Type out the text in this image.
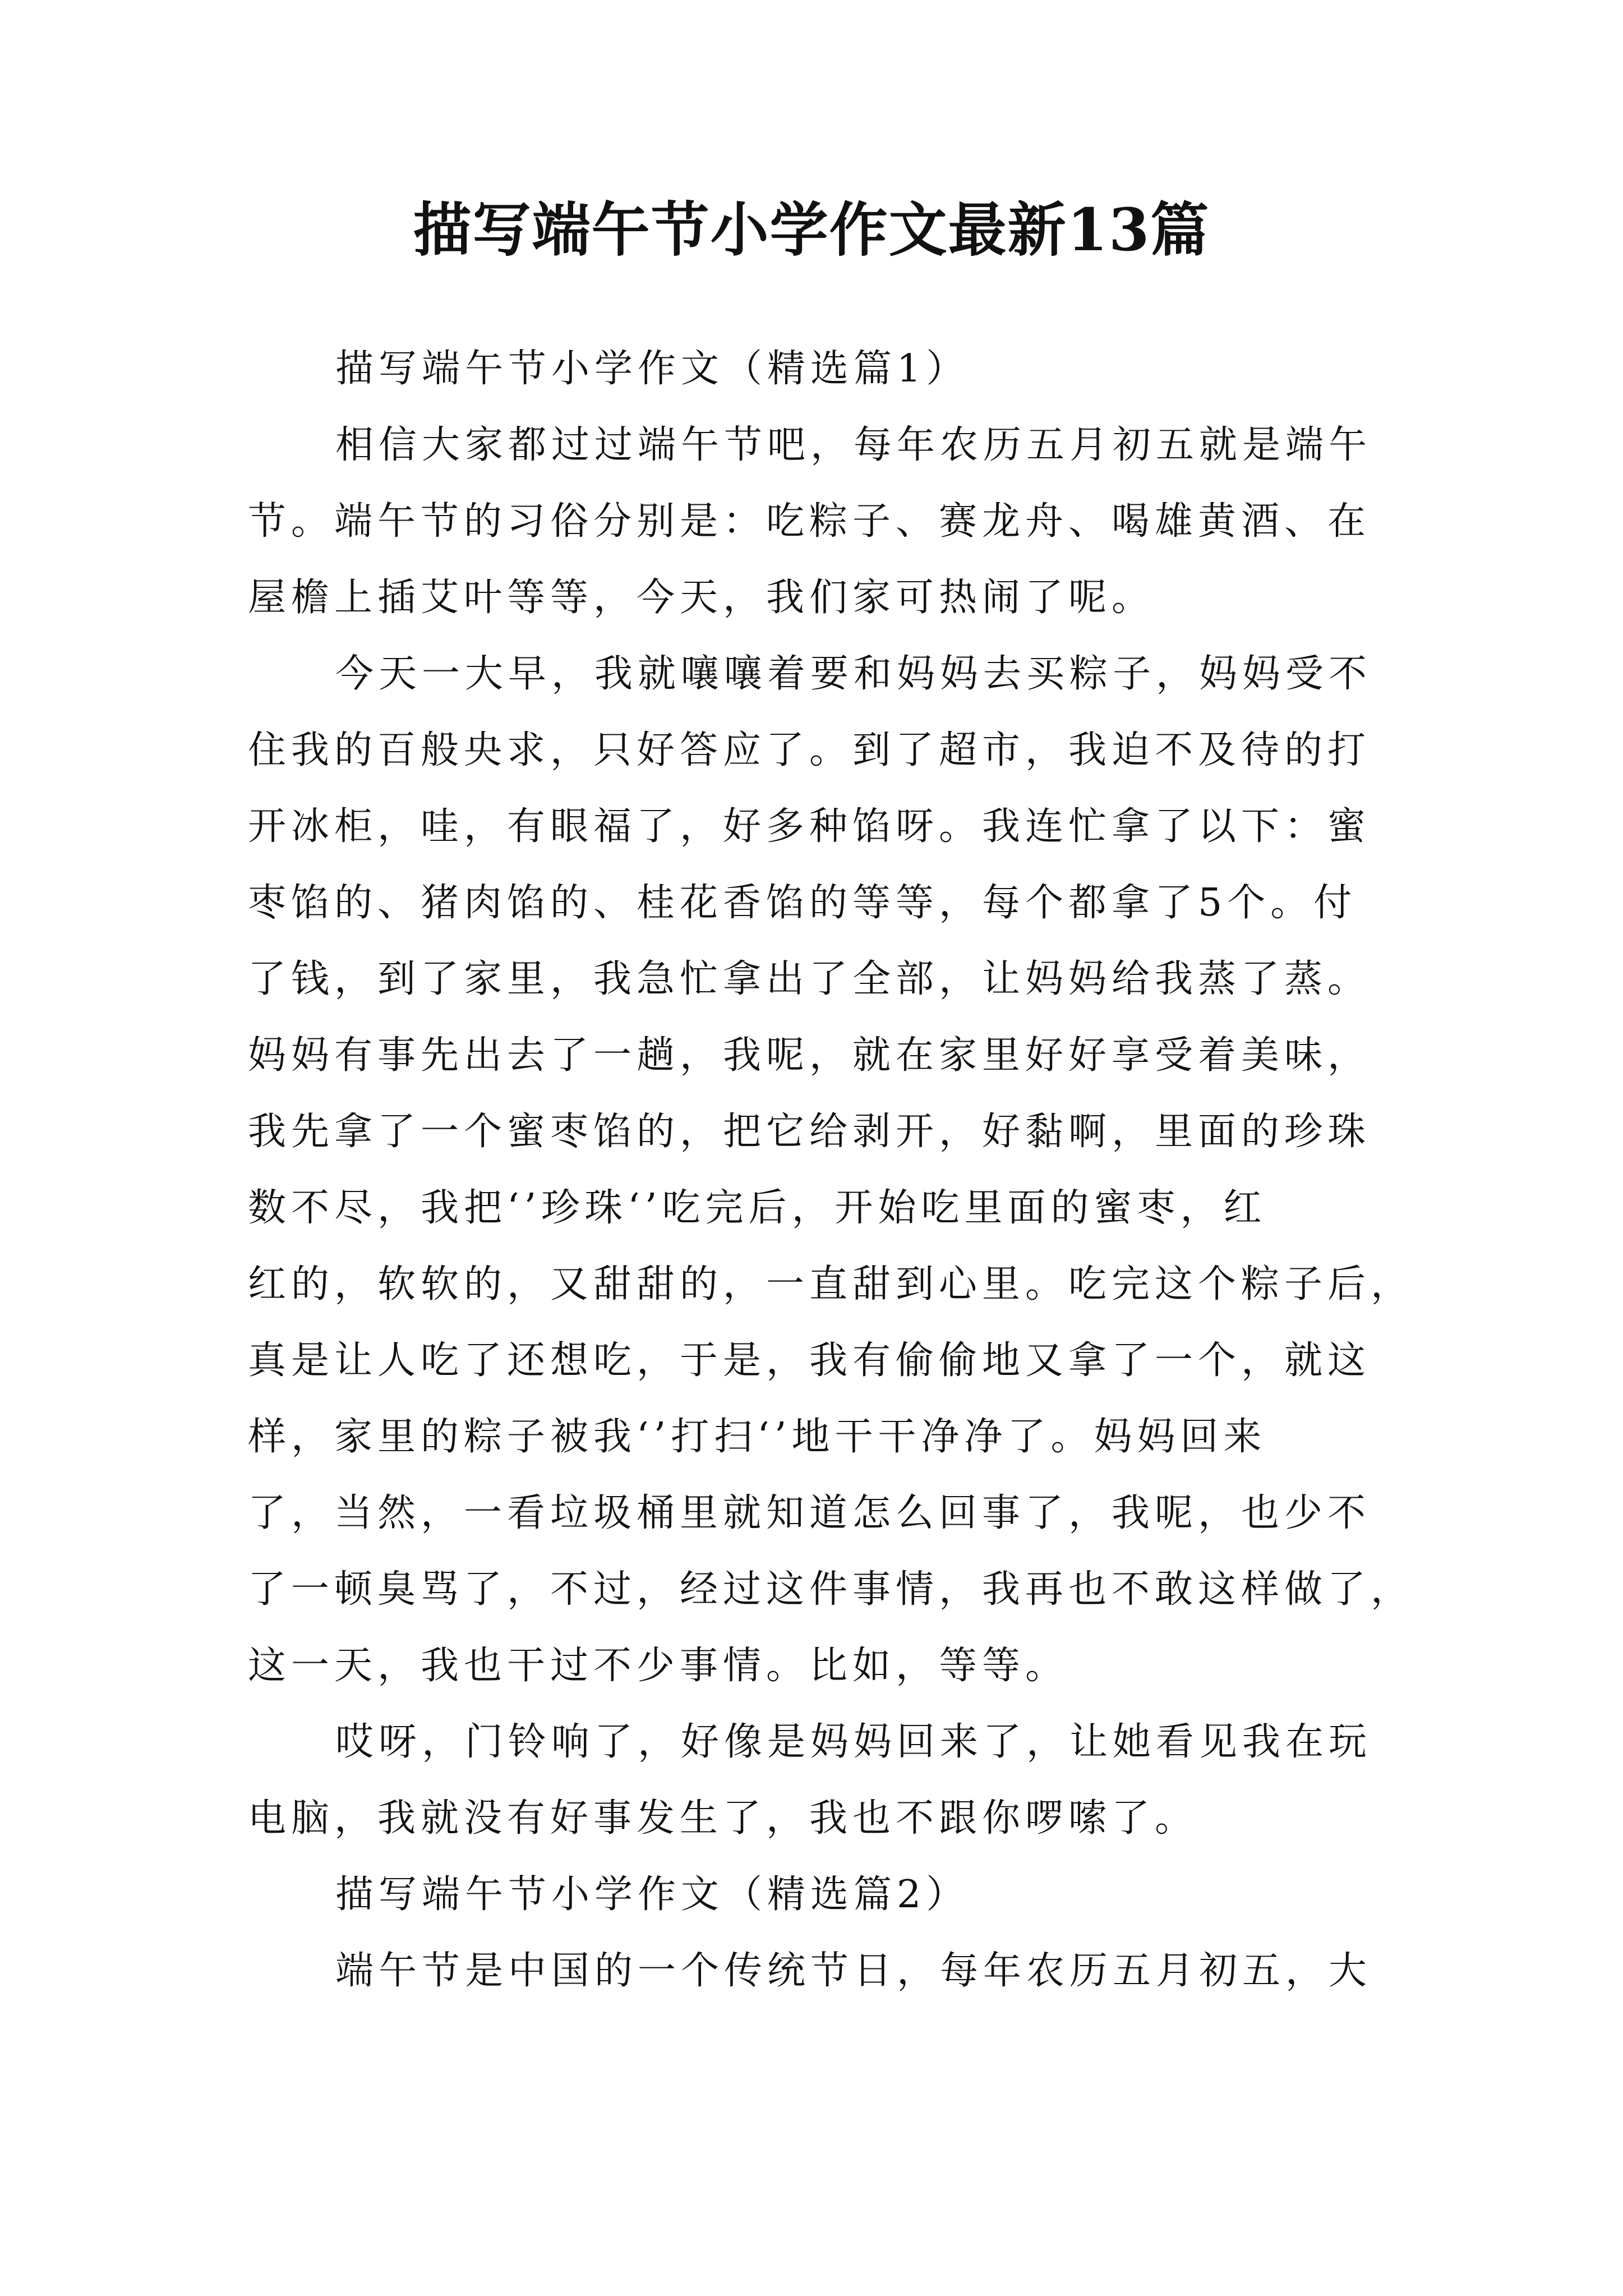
描写端午节小学作文最新13篇
描写端午节小学作文（精选篇1）
相信大家都过过端午节吧，每年农历五月初五就是端午
节。端午节的习俗分别是：吃粽子、赛龙舟、喝雄黄酒、在
屋檐上插艾叶等等，今天，我们家可热闹了呢。
今天一大早，我就嚷嚷着要和妈妈去买粽子，妈妈受不
住我的百般央求，只好答应了。到了超市，我迫不及待的打
开冰柜，哇，有眼福了，好多种馅呀。我连忙拿了以下：蜜
枣馅的、猪肉馅的、桂花香馅的等等，每个都拿了5个。付
了钱，到了家里，我急忙拿出了全部，让妈妈给我蒸了蒸。
妈妈有事先出去了一趟，我呢，就在家里好好享受着美味，
我先拿了一个蜜枣馅的，把它给剥开，好黏啊，里面的珍珠
数不尽，我把‘’珍珠‘’吃完后，开始吃里面的蜜枣，红
红的，软软的，又甜甜的，一直甜到心里。吃完这个粽子后，
真是让人吃了还想吃，于是，我有偷偷地又拿了一个，就这
样，家里的粽子被我‘’打扫‘’地干干净净了。妈妈回来
了，当然，一看垃圾桶里就知道怎么回事了，我呢，也少不
了一顿臭骂了，不过，经过这件事情，我再也不敢这样做了，
这一天，我也干过不少事情。比如，等等。
哎呀，门铃响了，好像是妈妈回来了，让她看见我在玩
电脑，我就没有好事发生了，我也不跟你啰嗦了。
描写端午节小学作文（精选篇2）
端午节是中国的一个传统节日，每年农历五月初五，大
